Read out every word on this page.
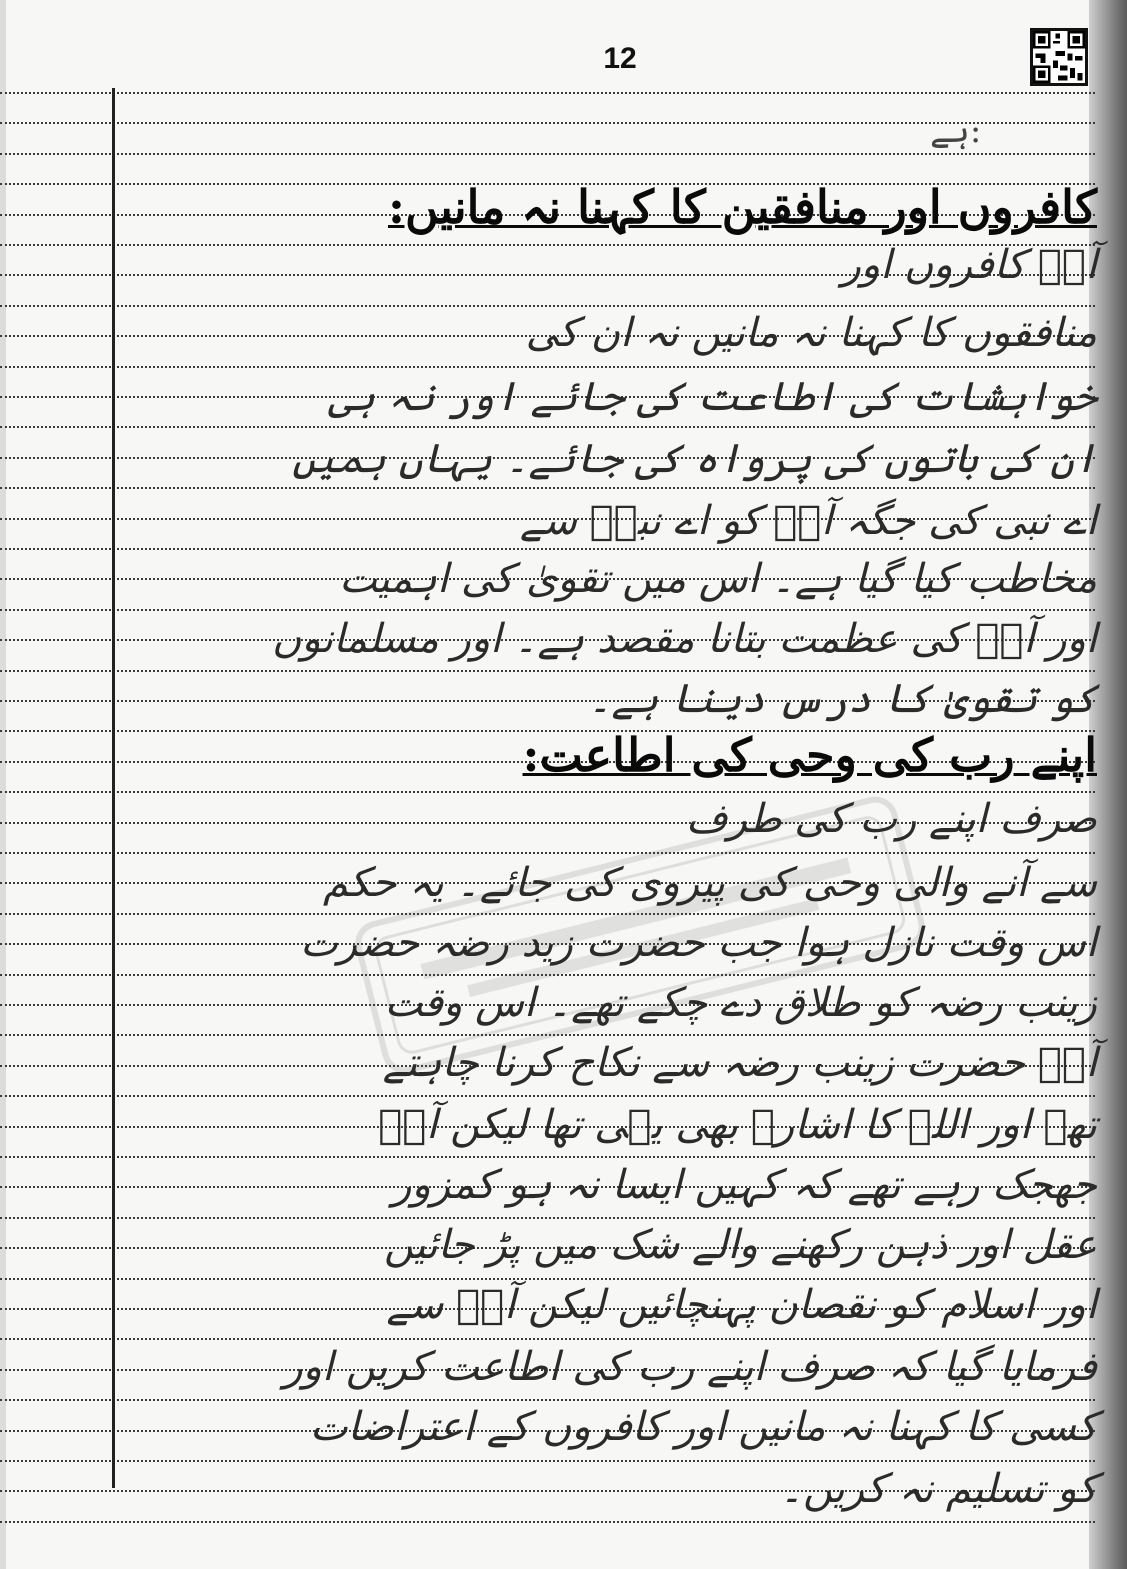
12
ہے:
کافروں اور منافقین کا کہنا نہ مانیں:
آپؐ کافروں اور
منافقوں کا کہنا نہ مانیں نہ ان کی
خواہشات کی اطاعت کی جائے اور نہ ہی
ان کی باتوں کی پرواہ کی جائے۔ یہاں ہمیں
اے نبی کی جگہ آپؐ کو اے نبیؐ سے
مخاطب کیا گیا ہے۔ اس میں تقویٰ کی اہمیت
اور آپؐ کی عظمت بتانا مقصد ہے۔ اور مسلمانوں
کو تقویٰ کا درس دینا ہے۔
اپنے رب کی وحی کی اطاعت:
صرف اپنے رب کی طرف
سے آنے والی وحی کی پیروی کی جائے۔ یہ حکم
اس وقت نازل ہوا جب حضرت زید رضہ حضرت
زینب رضہ کو طلاق دے چکے تھے۔ اس وقت
آپؐ حضرت زینب رضہ سے نکاح کرنا چاہتے
تھے اور اللہ کا اشارہ بھی یہی تھا لیکن آپؐ
جھجک رہے تھے کہ کہیں ایسا نہ ہو کمزور
عقل اور ذہن رکھنے والے شک میں پڑ جائیں
اور اسلام کو نقصان پہنچائیں لیکن آپؐ سے
فرمایا گیا کہ صرف اپنے رب کی اطاعت کریں اور
کسی کا کہنا نہ مانیں اور کافروں کے اعتراضات
کو تسلیم نہ کریں۔
